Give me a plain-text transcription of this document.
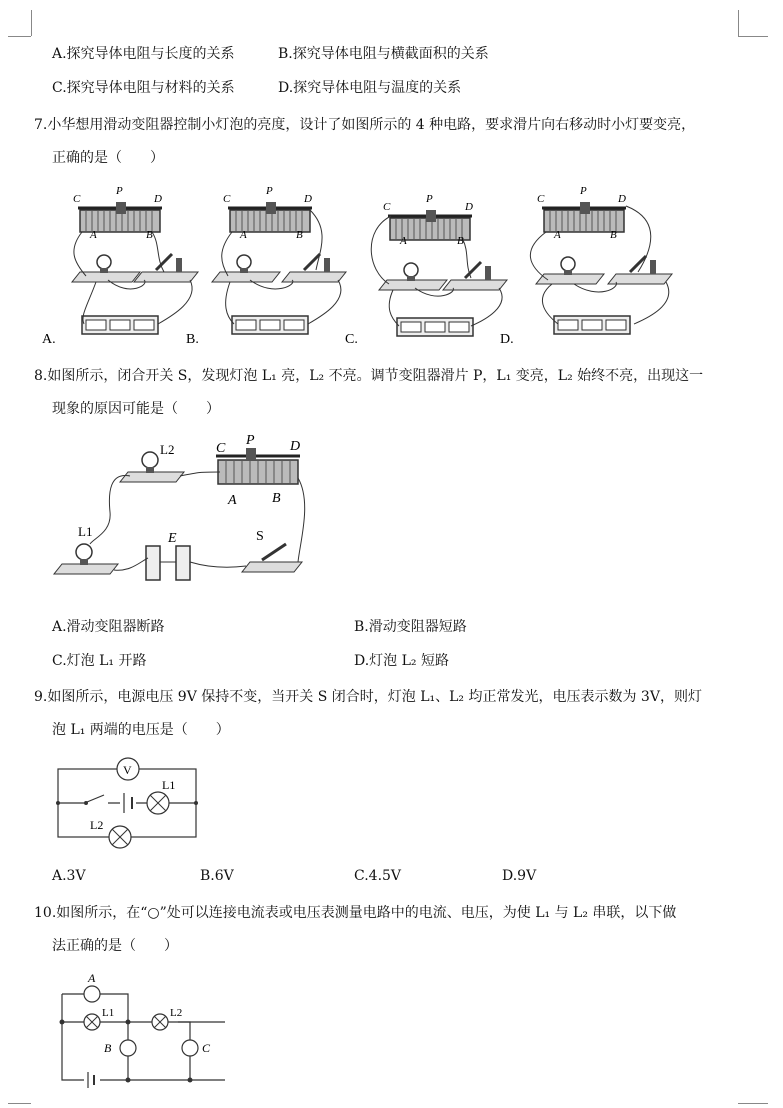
A.探究导体电阻与长度的关系	B.探究导体电阻与横截面积的关系
C.探究导体电阻与材料的关系	D.探究导体电阻与温度的关系
7.小华想用滑动变阻器控制小灯泡的亮度，设计了如图所示的 4 种电路，要求滑片向右移动时小灯要变亮，
正确的是（　　）
C
P
D
A	B
A.
C
P
D
A	B
B.
C
P
D
A	B
C.
C
P
D
A	B
D.
8.如图所示，闭合开关 S，发现灯泡 L₁ 亮，L₂ 不亮。调节变阻器滑片 P，L₁ 变亮，L₂ 始终不亮，出现这一
现象的原因可能是（　　）
L2	C
P	D
A	B
L1	E	S
A.滑动变阻器断路	B.滑动变阻器短路
C.灯泡 L₁ 开路	D.灯泡 L₂ 短路
9.如图所示，电源电压 9V 保持不变，当开关 S 闭合时，灯泡 L₁、L₂ 均正常发光，电压表示数为 3V，则灯
泡 L₁ 两端的电压是（　　）
V
L1
L2
A.3V	B.6V	C.4.5V	D.9V
10.如图所示，在“○”处可以连接电流表或电压表测量电路中的电流、电压，为使 L₁ 与 L₂ 串联，以下做
法正确的是（　　）
A
L1	L2
B	C
